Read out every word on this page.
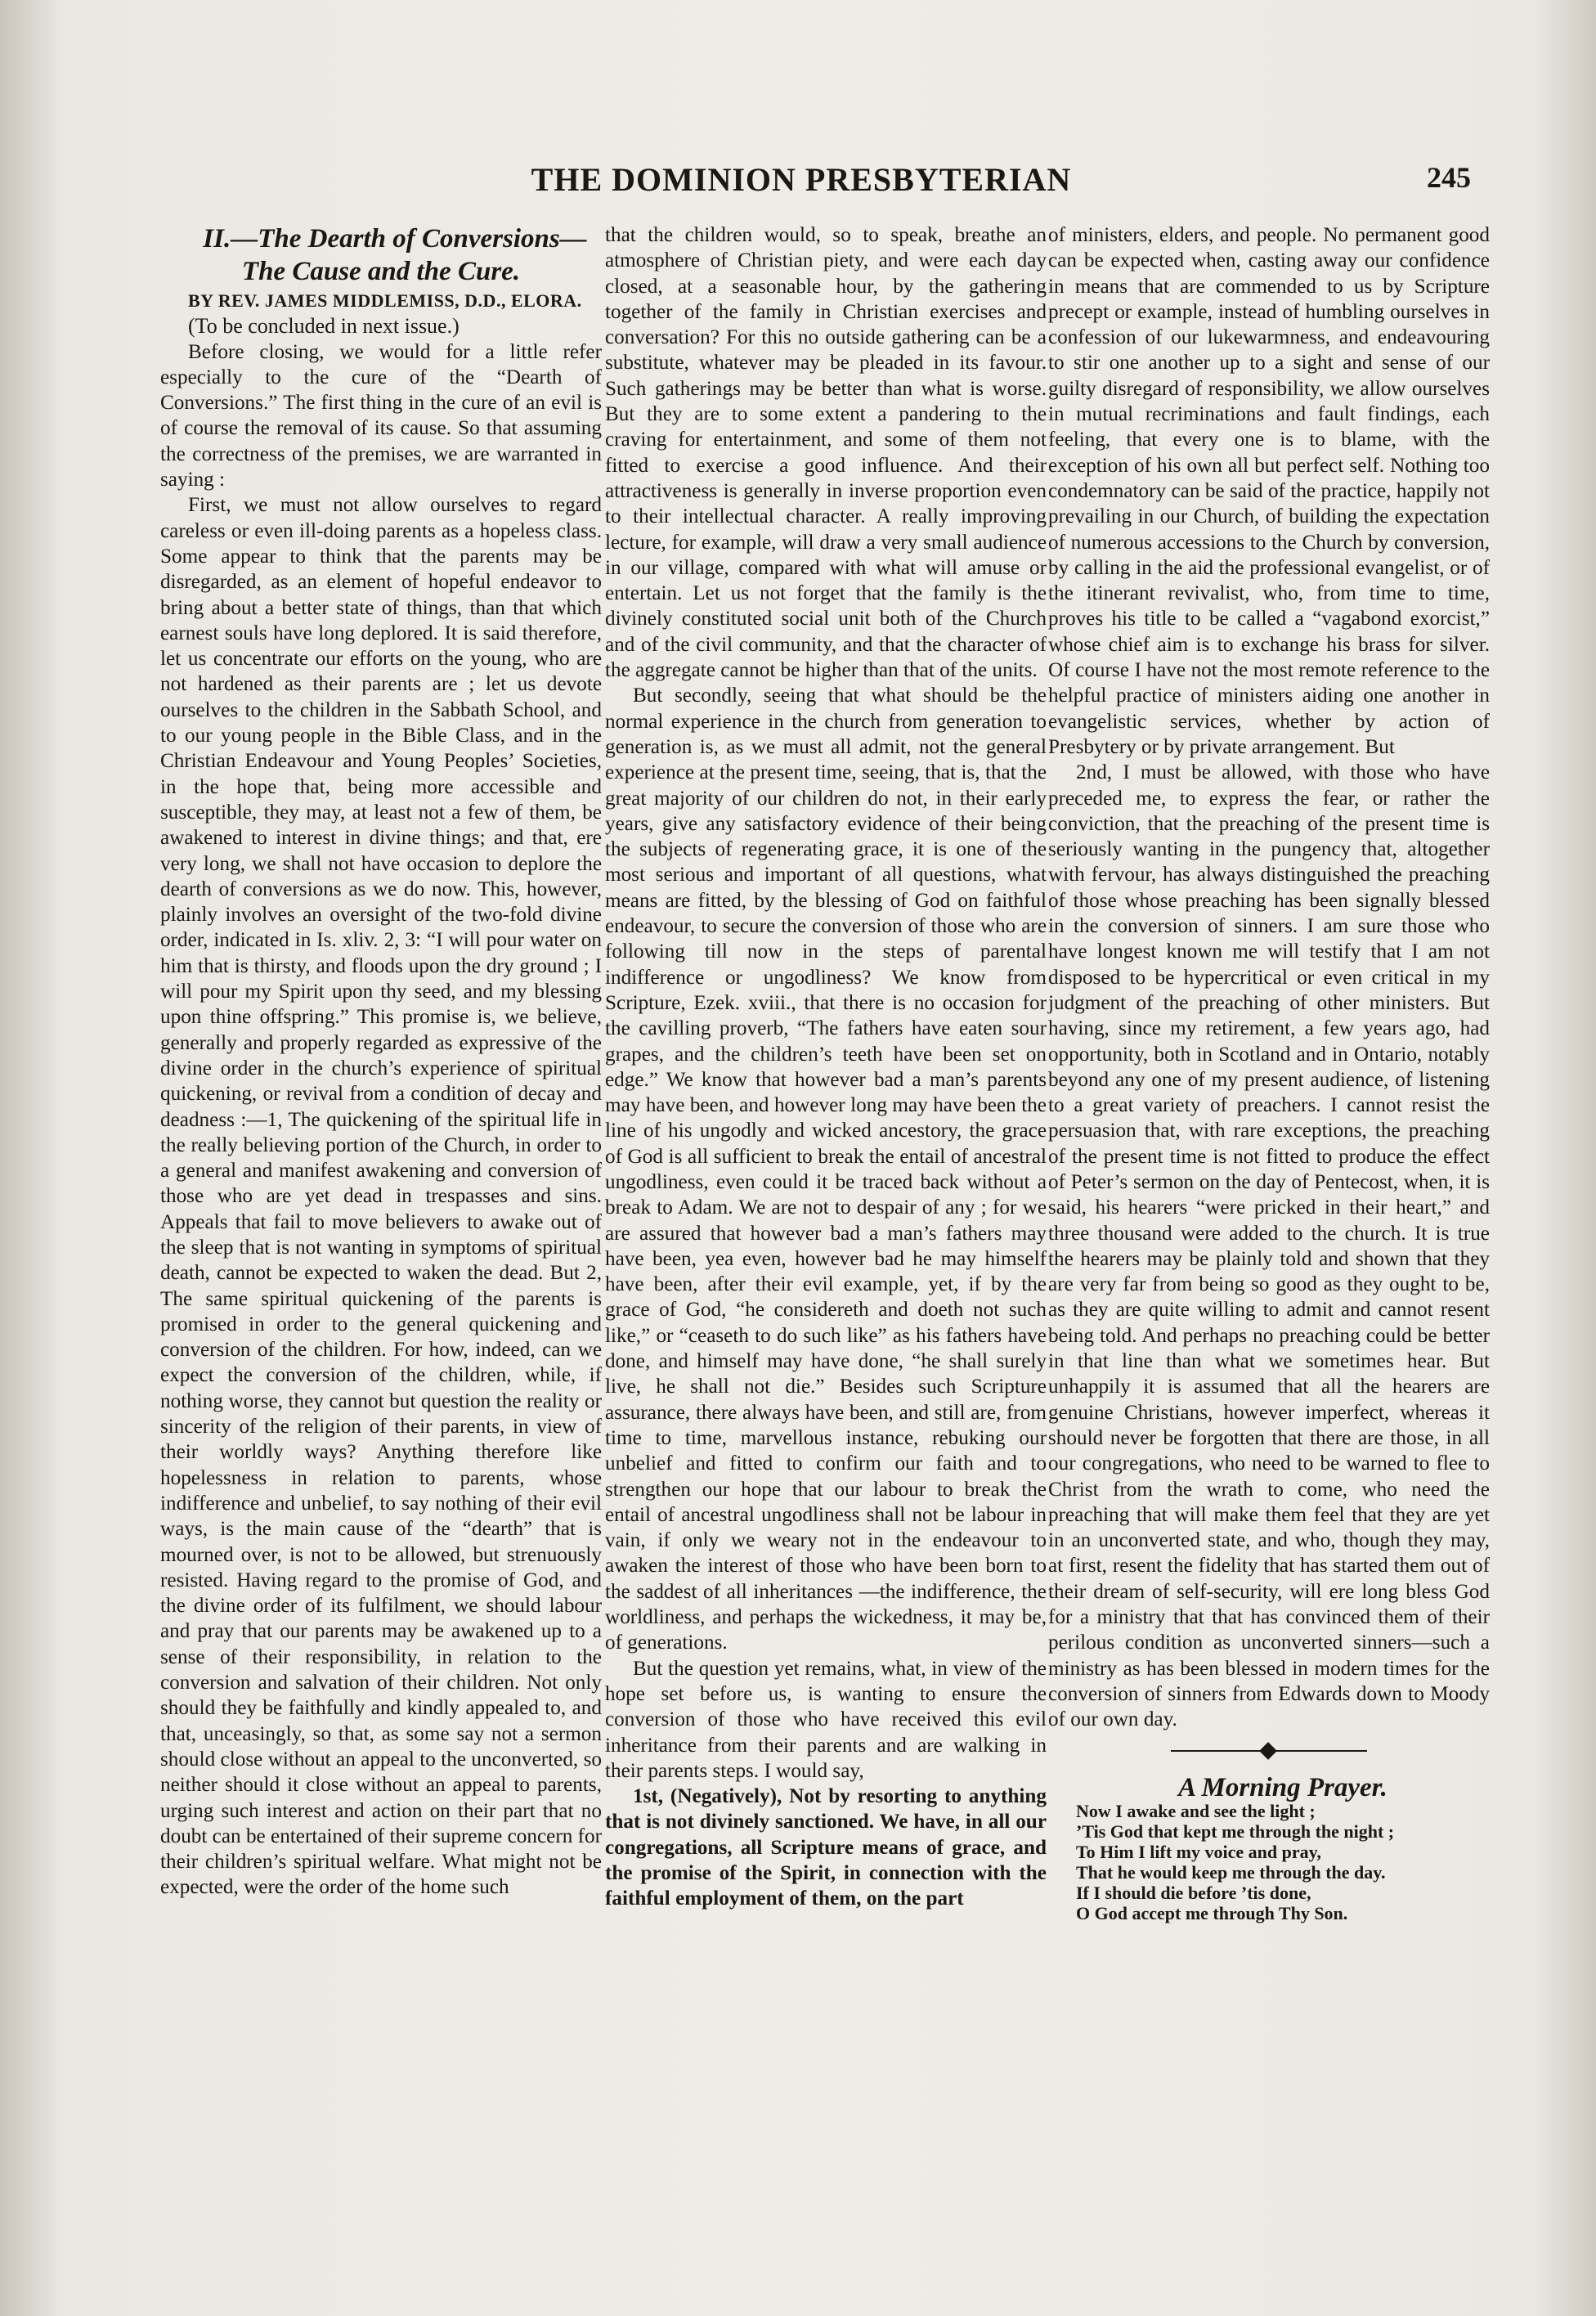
THE DOMINION PRESBYTERIAN	245

II.—The Dearth of Conversions—The Cause and the Cure.

BY REV. JAMES MIDDLEMISS, D.D., ELORA.

(To be concluded in next issue.)

Before closing, we would for a little refer especially to the cure of the “Dearth of Conversions.” The first thing in the cure of an evil is of course the removal of its cause. So that assuming the correctness of the premises, we are warranted in saying :

First, we must not allow ourselves to regard careless or even ill-doing parents as a hopeless class. Some appear to think that the parents may be disregarded, as an element of hopeful endeavor to bring about a better state of things, than that which earnest souls have long deplored. It is said therefore, let us concentrate our efforts on the young, who are not hardened as their parents are ; let us devote ourselves to the children in the Sabbath School, and to our young people in the Bible Class, and in the Christian Endeavour and Young Peoples’ Societies, in the hope that, being more accessible and susceptible, they may, at least not a few of them, be awakened to interest in divine things; and that, ere very long, we shall not have occasion to deplore the dearth of conversions as we do now. This, however, plainly involves an oversight of the two-fold divine order, indicated in Is. xliv. 2, 3: “I will pour water on him that is thirsty, and floods upon the dry ground ; I will pour my Spirit upon thy seed, and my blessing upon thine offspring.” This promise is, we believe, generally and properly regarded as expressive of the divine order in the church’s experience of spiritual quickening, or revival from a condition of decay and deadness :—1, The quickening of the spiritual life in the really believing portion of the Church, in order to a general and manifest awakening and conversion of those who are yet dead in trespasses and sins. Appeals that fail to move believers to awake out of the sleep that is not wanting in symptoms of spiritual death, cannot be expected to waken the dead. But 2, The same spiritual quickening of the parents is promised in order to the general quickening and conversion of the children. For how, indeed, can we expect the conversion of the children, while, if nothing worse, they cannot but question the reality or sincerity of the religion of their parents, in view of their worldly ways? Anything therefore like hopelessness in relation to parents, whose indifference and unbelief, to say nothing of their evil ways, is the main cause of the “dearth” that is mourned over, is not to be allowed, but strenuously resisted. Having regard to the promise of God, and the divine order of its fulfilment, we should labour and pray that our parents may be awakened up to a sense of their responsibility, in relation to the conversion and salvation of their children. Not only should they be faithfully and kindly appealed to, and that, unceasingly, so that, as some say not a sermon should close without an appeal to the unconverted, so neither should it close without an appeal to parents, urging such interest and action on their part that no doubt can be entertained of their supreme concern for their children’s spiritual welfare. What might not be expected, were the order of the home such

that the children would, so to speak, breathe an atmosphere of Christian piety, and were each day closed, at a seasonable hour, by the gathering together of the family in Christian exercises and conversation? For this no outside gathering can be a substitute, whatever may be pleaded in its favour. Such gatherings may be better than what is worse. But they are to some extent a pandering to the craving for entertainment, and some of them not fitted to exercise a good influence. And their attractiveness is generally in inverse proportion even to their intellectual character. A really improving lecture, for example, will draw a very small audience in our village, compared with what will amuse or entertain. Let us not forget that the family is the divinely constituted social unit both of the Church and of the civil community, and that the character of the aggregate cannot be higher than that of the units.

But secondly, seeing that what should be the normal experience in the church from generation to generation is, as we must all admit, not the general experience at the present time, seeing, that is, that the great majority of our children do not, in their early years, give any satisfactory evidence of their being the subjects of regenerating grace, it is one of the most serious and important of all questions, what means are fitted, by the blessing of God on faithful endeavour, to secure the conversion of those who are following till now in the steps of parental indifference or ungodliness? We know from Scripture, Ezek. xviii., that there is no occasion for the cavilling proverb, “The fathers have eaten sour grapes, and the children’s teeth have been set on edge.” We know that however bad a man’s parents may have been, and however long may have been the line of his ungodly and wicked ancestory, the grace of God is all sufficient to break the entail of ancestral ungodliness, even could it be traced back without a break to Adam. We are not to despair of any ; for we are assured that however bad a man’s fathers may have been, yea even, however bad he may himself have been, after their evil example, yet, if by the grace of God, “he considereth and doeth not such like,” or “ceaseth to do such like” as his fathers have done, and himself may have done, “he shall surely live, he shall not die.” Besides such Scripture assurance, there always have been, and still are, from time to time, marvellous instance, rebuking our unbelief and fitted to confirm our faith and to strengthen our hope that our labour to break the entail of ancestral ungodliness shall not be labour in vain, if only we weary not in the endeavour to awaken the interest of those who have been born to the saddest of all inheritances —the indifference, the worldliness, and perhaps the wickedness, it may be, of generations.

But the question yet remains, what, in view of the hope set before us, is wanting to ensure the conversion of those who have received this evil inheritance from their parents and are walking in their parents steps. I would say,

1st, (Negatively), Not by resorting to anything that is not divinely sanctioned. We have, in all our congregations, all Scripture means of grace, and the promise of the Spirit, in connection with the faithful employment of them, on the part

of ministers, elders, and people. No permanent good can be expected when, casting away our confidence in means that are commended to us by Scripture precept or example, instead of humbling ourselves in confession of our lukewarmness, and endeavouring to stir one another up to a sight and sense of our guilty disregard of responsibility, we allow ourselves in mutual recriminations and fault findings, each feeling, that every one is to blame, with the exception of his own all but perfect self. Nothing too condemnatory can be said of the practice, happily not prevailing in our Church, of building the expectation of numerous accessions to the Church by conversion, by calling in the aid the professional evangelist, or of the itinerant revivalist, who, from time to time, proves his title to be called a “vagabond exorcist,” whose chief aim is to exchange his brass for silver. Of course I have not the most remote reference to the helpful practice of ministers aiding one another in evangelistic services, whether by action of Presbytery or by private arrangement. But

2nd, I must be allowed, with those who have preceded me, to express the fear, or rather the conviction, that the preaching of the present time is seriously wanting in the pungency that, altogether with fervour, has always distinguished the preaching of those whose preaching has been signally blessed in the conversion of sinners. I am sure those who have longest known me will testify that I am not disposed to be hypercritical or even critical in my judgment of the preaching of other ministers. But having, since my retirement, a few years ago, had opportunity, both in Scotland and in Ontario, notably beyond any one of my present audience, of listening to a great variety of preachers. I cannot resist the persuasion that, with rare exceptions, the preaching of the present time is not fitted to produce the effect of Peter’s sermon on the day of Pentecost, when, it is said, his hearers “were pricked in their heart,” and three thousand were added to the church. It is true the hearers may be plainly told and shown that they are very far from being so good as they ought to be, as they are quite willing to admit and cannot resent being told. And perhaps no preaching could be better in that line than what we sometimes hear. But unhappily it is assumed that all the hearers are genuine Christians, however imperfect, whereas it should never be forgotten that there are those, in all our congregations, who need to be warned to flee to Christ from the wrath to come, who need the preaching that will make them feel that they are yet in an unconverted state, and who, though they may, at first, resent the fidelity that has started them out of their dream of self-security, will ere long bless God for a ministry that that has convinced them of their perilous condition as unconverted sinners—such a ministry as has been blessed in modern times for the conversion of sinners from Edwards down to Moody of our own day.

A Morning Prayer.

Now I awake and see the light ;

’Tis God that kept me through the night ;

To Him I lift my voice and pray,

That he would keep me through the day.

If I should die before ’tis done,

O God accept me through Thy Son.
